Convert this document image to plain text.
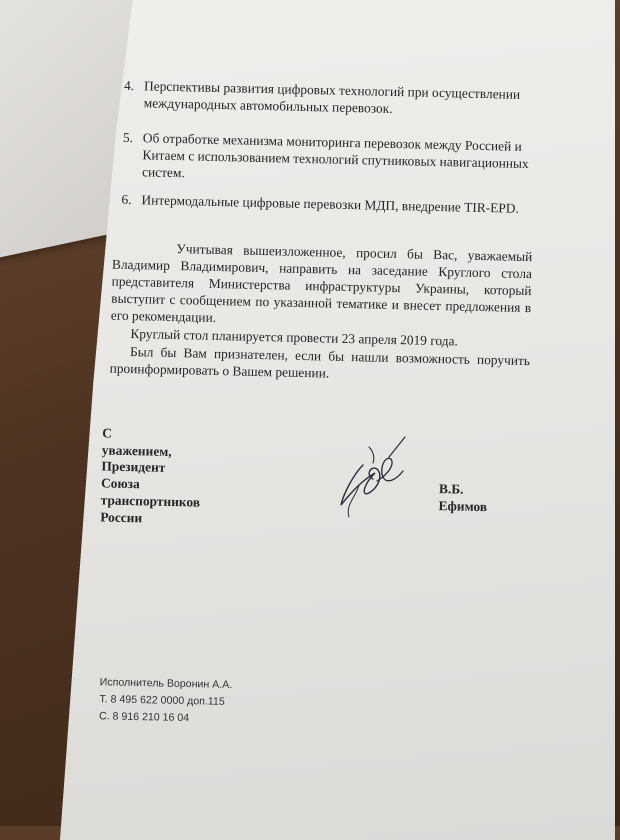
4. Перспективы развития цифровых технологий при осуществлении международных автомобильных перевозок.
5. Об отработке механизма мониторинга перевозок между Россией и Китаем с использованием технологий спутниковых навигационных систем.
6. Интермодальные цифровые перевозки МДП, внедрение TIR-EPD.
Учитывая вышеизложенное, просил бы Вас, уважаемый Владимир Владимирович, направить на заседание Круглого стола представителя Министерства инфраструктуры Украины, который выступит с сообщением по указанной тематике и внесет предложения в его рекомендации.
Круглый стол планируется провести 23 апреля 2019 года.
Был бы Вам признателен, если бы нашли возможность поручить проинформировать о Вашем решении.
С уважением,
Президент
Союза транспортников России
В.Б. Ефимов
Исполнитель Воронин А.А.
Т. 8 495 622 0000 доп.115
С. 8 916 210 16 04
